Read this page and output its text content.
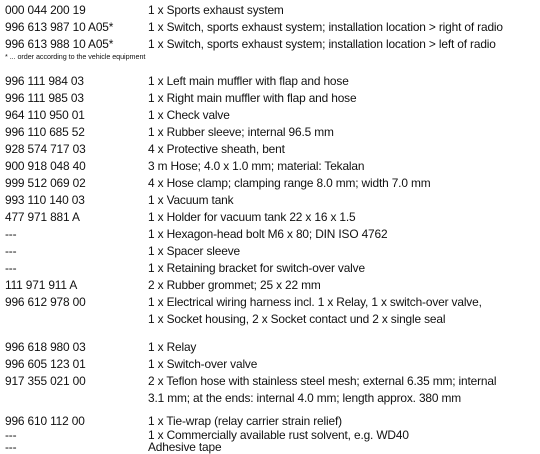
000 044 200 19	1 x Sports exhaust system
996 613 987 10 A05*	1 x Switch, sports exhaust system; installation location > right of radio
996 613 988 10 A05*	1 x Switch, sports exhaust system; installation location > left of radio
* ... order according to the vehicle equipment
996 111 984 03	1 x Left main muffler with flap and hose
996 111 985 03	1 x Right main muffler with flap and hose
964 110 950 01	1 x Check valve
996 110 685 52	1 x Rubber sleeve; internal 96.5 mm
928 574 717 03	4 x Protective sheath, bent
900 918 048 40	3 m Hose; 4.0 x 1.0 mm; material: Tekalan
999 512 069 02	4 x Hose clamp; clamping range 8.0 mm; width 7.0 mm
993 110 140 03	1 x Vacuum tank
477 971 881 A	1 x Holder for vacuum tank 22 x 16 x 1.5
---	1 x Hexagon-head bolt M6 x 80; DIN ISO 4762
---	1 x Spacer sleeve
---	1 x Retaining bracket for switch-over valve
111 971 911 A	2 x Rubber grommet; 25 x 22 mm
996 612 978 00	1 x Electrical wiring harness incl. 1 x Relay, 1 x switch-over valve,
1 x Socket housing, 2 x Socket contact und 2 x single seal
996 618 980 03	1 x Relay
996 605 123 01	1 x Switch-over valve
917 355 021 00	2 x Teflon hose with stainless steel mesh; external 6.35 mm; internal
3.1 mm; at the ends: internal 4.0 mm; length approx. 380 mm
996 610 112 00	1 x Tie-wrap (relay carrier strain relief)
---	1 x Commercially available rust solvent, e.g. WD40
---	Adhesive tape
